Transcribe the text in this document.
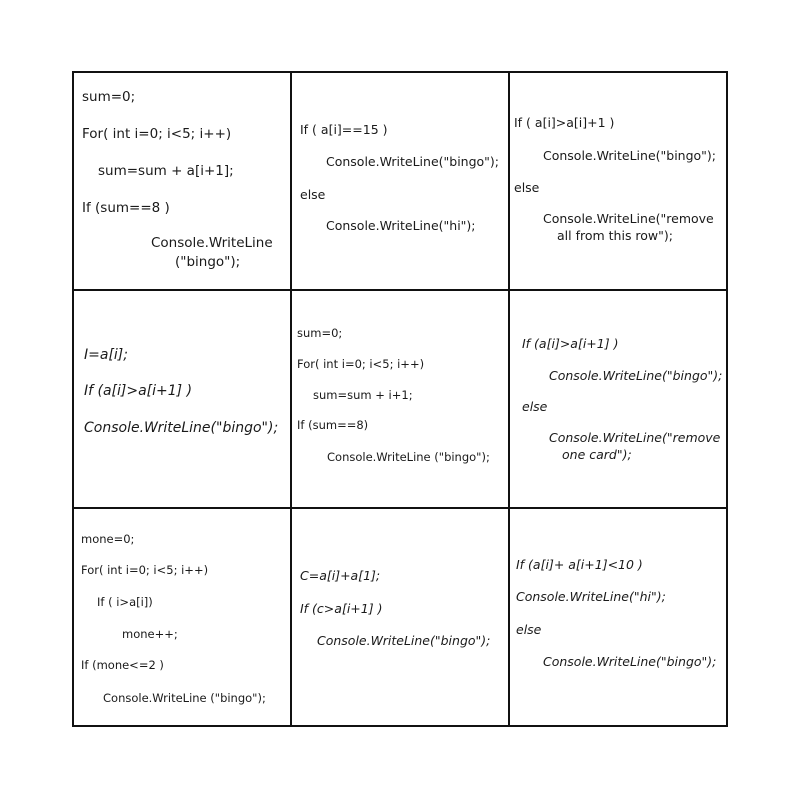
sum=0;
For( int i=0; i<5; i++)
sum=sum + a[i+1];
If (sum==8 )
Console.WriteLine
("bingo");
If ( a[i]==15 )
Console.WriteLine("bingo");
else
Console.WriteLine("hi");
If ( a[i]>a[i]+1 )
Console.WriteLine("bingo");
else
Console.WriteLine("remove
all from this row");
I=a[i];
If (a[i]>a[i+1] )
Console.WriteLine("bingo");
sum=0;
For( int i=0; i<5; i++)
sum=sum + i+1;
If (sum==8)
Console.WriteLine ("bingo");
If (a[i]>a[i+1] )
Console.WriteLine("bingo");
else
Console.WriteLine("remove
one card");
mone=0;
For( int i=0; i<5; i++)
If ( i>a[i])
mone++;
If (mone<=2 )
Console.WriteLine ("bingo");
C=a[i]+a[1];
If (c>a[i+1] )
Console.WriteLine("bingo");
If (a[i]+ a[i+1]<10 )
Console.WriteLine("hi");
else
Console.WriteLine("bingo");
